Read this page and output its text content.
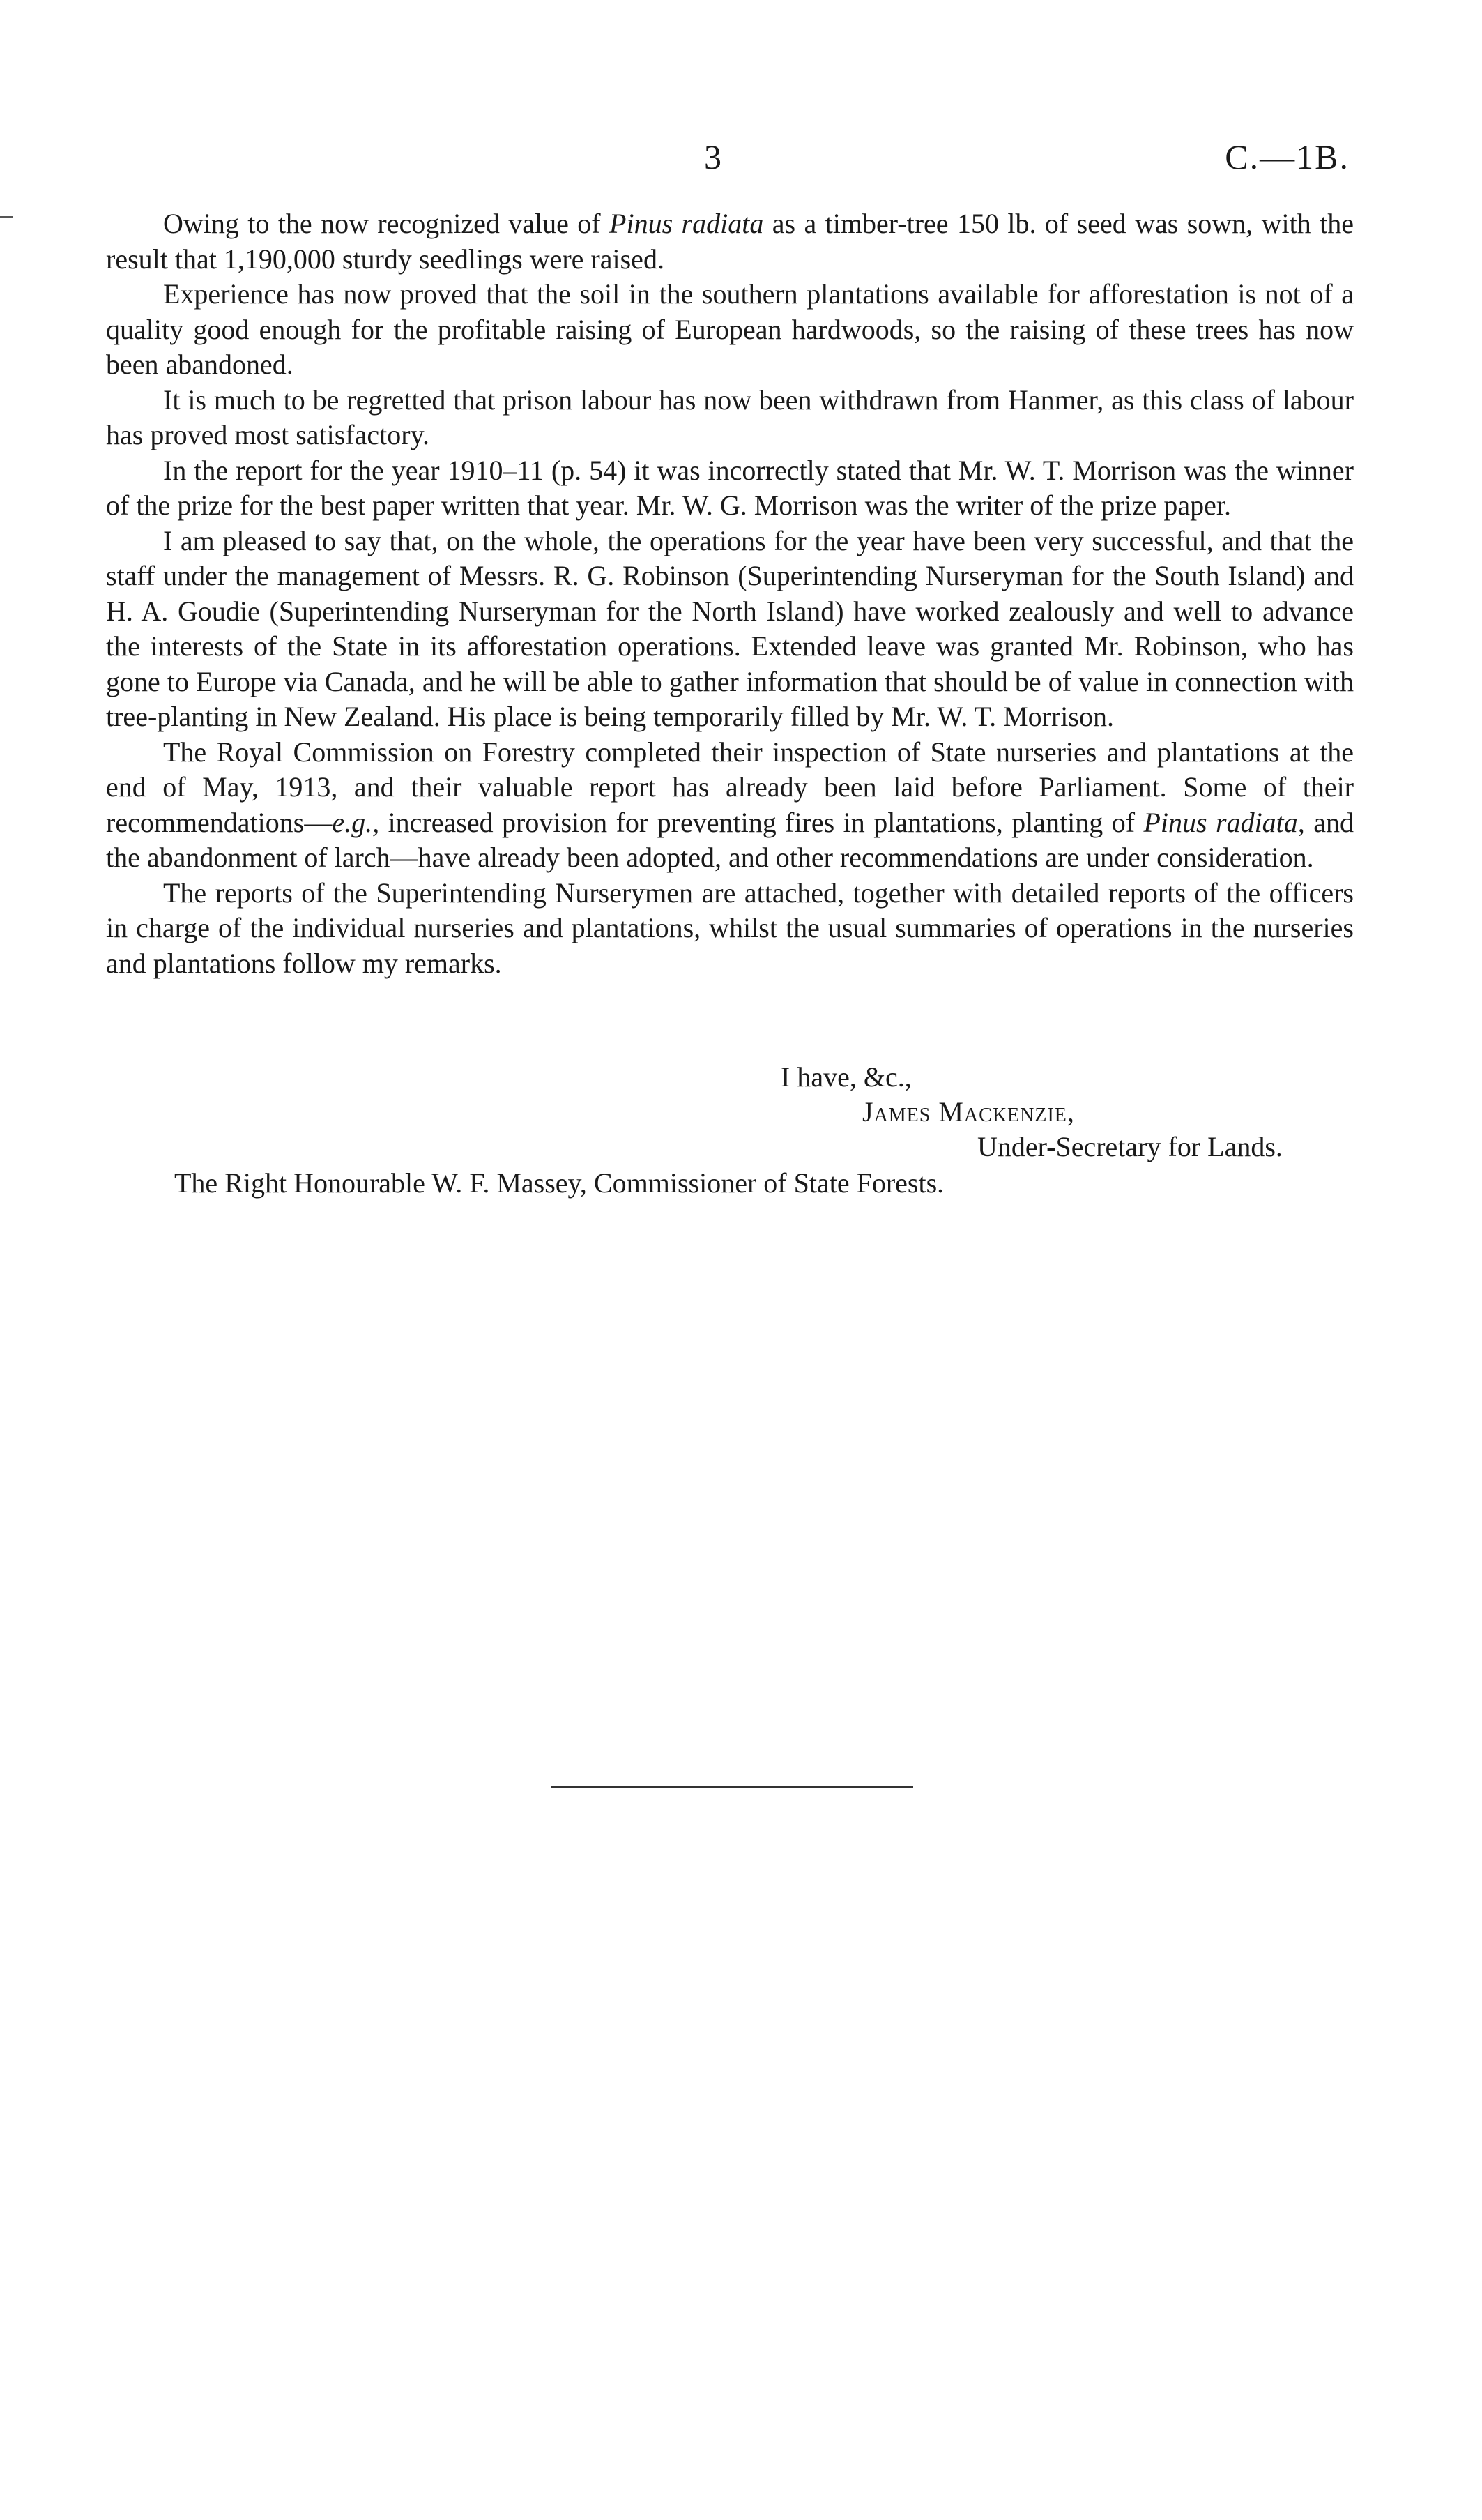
3	C.—1B.

Owing to the now recognized value of Pinus radiata as a timber-tree 150 lb. of seed was sown, with the result that 1,190,000 sturdy seedlings were raised.

Experience has now proved that the soil in the southern plantations available for afforestation is not of a quality good enough for the profitable raising of European hardwoods, so the raising of these trees has now been abandoned.

It is much to be regretted that prison labour has now been withdrawn from Hanmer, as this class of labour has proved most satisfactory.

In the report for the year 1910–11 (p. 54) it was incorrectly stated that Mr. W. T. Morrison was the winner of the prize for the best paper written that year. Mr. W. G. Morrison was the writer of the prize paper.

I am pleased to say that, on the whole, the operations for the year have been very successful, and that the staff under the management of Messrs. R. G. Robinson (Superintending Nurseryman for the South Island) and H. A. Goudie (Superintending Nurseryman for the North Island) have worked zealously and well to advance the interests of the State in its afforestation operations. Extended leave was granted Mr. Robinson, who has gone to Europe via Canada, and he will be able to gather information that should be of value in connection with tree-planting in New Zealand. His place is being temporarily filled by Mr. W. T. Morrison.

The Royal Commission on Forestry completed their inspection of State nurseries and plantations at the end of May, 1913, and their valuable report has already been laid before Parliament. Some of their recommendations—e.g., increased provision for preventing fires in plantations, planting of Pinus radiata, and the abandonment of larch—have already been adopted, and other recommendations are under consideration.

The reports of the Superintending Nurserymen are attached, together with detailed reports of the officers in charge of the individual nurseries and plantations, whilst the usual summaries of operations in the nurseries and plantations follow my remarks.

I have, &c.,
James Mackenzie,
Under-Secretary for Lands.
The Right Honourable W. F. Massey, Commissioner of State Forests.
